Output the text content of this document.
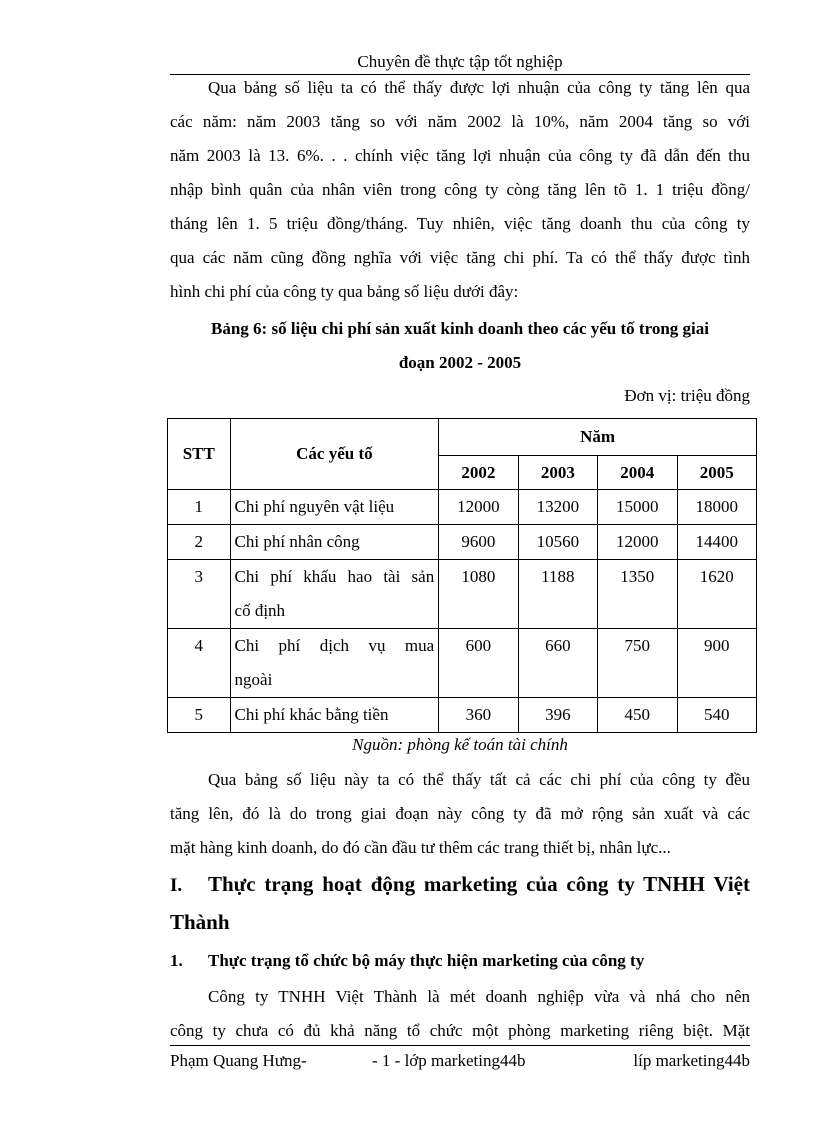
Chuyên đề thực tập tốt nghiệp
Qua bảng số liệu ta có thể thấy được lợi nhuận của công ty tăng lên qua
các năm: năm 2003 tăng so với năm 2002 là 10%, năm 2004 tăng so với
năm 2003 là 13. 6%. . . chính việc tăng lợi nhuận của công ty đã dẫn đến thu
nhập bình quân của nhân viên trong công ty còng tăng lên tõ 1. 1 triệu đồng/
tháng lên 1. 5 triệu đồng/tháng. Tuy nhiên, việc tăng doanh thu của công ty
qua các năm cũng đồng nghĩa với việc tăng chi phí. Ta có thể thấy được tình
hình chi phí của công ty qua bảng số liệu dưới đây:
Bảng 6: số liệu chi phí sản xuất kinh doanh theo các yếu tố trong giai
đoạn 2002 - 2005
Đơn vị: triệu đồng
STT	Các yếu tố	Năm			
		2002	2003	2004	2005
1	Chi phí nguyên vật liệu	12000	13200	15000	18000
2	Chi phí nhân công	9600	10560	12000	14400
3	Chi phí khấu hao tài sản
cố định	1080	1188	1350	1620
4	Chi phí dịch vụ mua
ngoài	600	660	750	900
5	Chi phí khác bằng tiền	360	396	450	540
Nguồn: phòng kế toán tài chính
Qua bảng số liệu này ta có thể thấy tất cả các chi phí của công ty đều
tăng lên, đó là do trong giai đoạn này công ty đã mở rộng sản xuất và các
mặt hàng kinh doanh, do đó cần đầu tư thêm các trang thiết bị, nhân lực...
I. Thực trạng hoạt động marketing của công ty TNHH Việt
Thành
1. Thực trạng tổ chức bộ máy thực hiện marketing của công ty
Công ty TNHH Việt Thành là mét doanh nghiệp vừa và nhá cho nên
công ty chưa có đủ khả năng tổ chức một phòng marketing riêng biệt. Mặt
Phạm Quang Hưng-	- 1 - lớp marketing44b	líp marketing44b
